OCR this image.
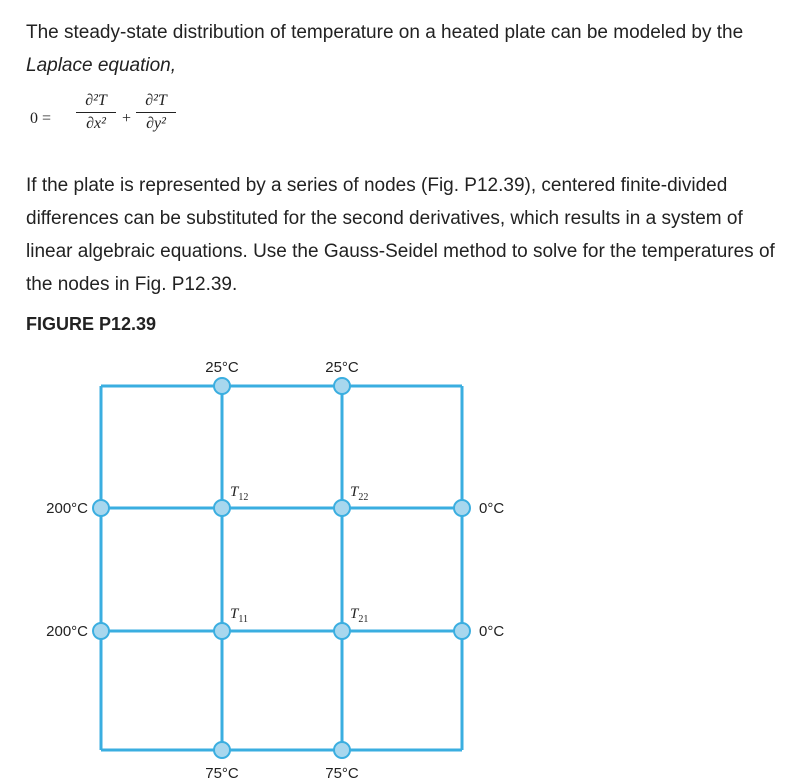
The steady-state distribution of temperature on a heated plate can be modeled by the Laplace equation,

0 =
∂²T
∂x²	+
∂²T
∂y²

If the plate is represented by a series of nodes (Fig. P12.39), centered finite-divided differences can be substituted for the second derivatives, which results in a system of linear algebraic equations. Use the Gauss-Seidel method to solve for the temperatures of the nodes in Fig. P12.39.

FIGURE P12.39

25°C	25°C
75°C	75°C
200°C
200°C
0°C
0°C
$T_{12}$	$T_{22}$
$T_{11}$	$T_{21}$
